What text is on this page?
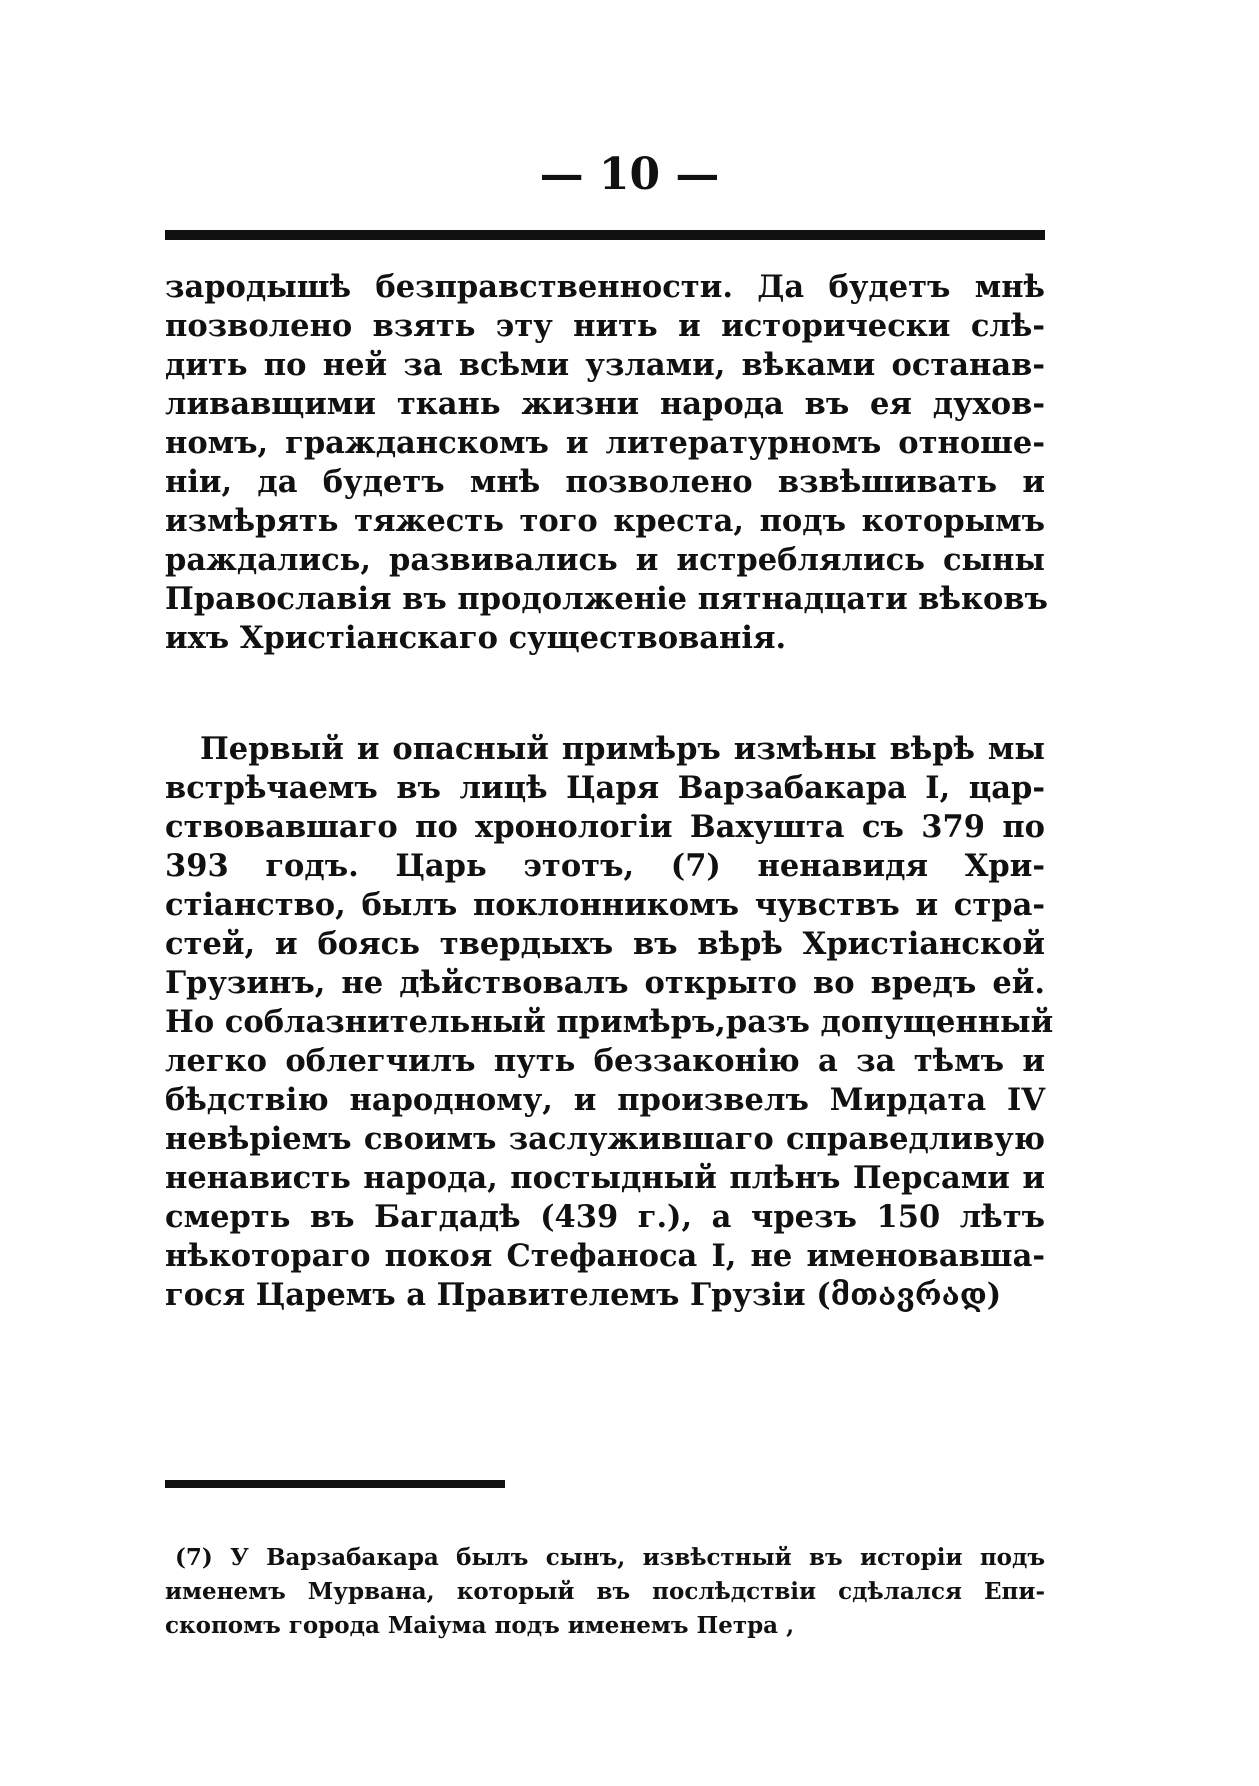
— 10 —
зародышѣ безправственности. Да будетъ мнѣ
позволено взять эту нить и исторически слѣ-
дить по ней за всѣми узлами, вѣками останав-
ливавщими ткань жизни народа въ ея духов-
номъ, гражданскомъ и литературномъ отноше-
ніи, да будетъ мнѣ позволено взвѣшивать и
измѣрять тяжесть того креста, подъ которымъ
раждались, развивались и истреблялись сыны
Православія въ продолженіе пятнадцати вѣковъ
ихъ Христіанскаго существованія.
Первый и опасный примѣръ измѣны вѣрѣ мы
встрѣчаемъ въ лицѣ Царя Варзабакара I, цар-
ствовавшаго по хронологіи Вахушта съ 379 по
393 годъ. Царь этотъ, (7) ненавидя Хри-
стіанство, былъ поклонникомъ чувствъ и стра-
стей, и боясь твердыхъ въ вѣрѣ Христіанской
Грузинъ, не дѣйствовалъ открыто во вредъ ей.
Но соблазнительный примѣръ,разъ допущенный
легко облегчилъ путь беззаконію а за тѣмъ и
бѣдствію народному, и произвелъ Мирдата IV
невѣріемъ своимъ заслужившаго справедливую
ненависть народа, постыдный плѣнъ Персами и
смерть въ Багдадѣ (439 г.), а чрезъ 150 лѣтъ
нѣкотораго покоя Стефаноса I, не именовавша-
гося Царемъ а Правителемъ Грузіи (მთავრად)
(7) У Варзабакара былъ сынъ, извѣстный въ исторіи подъ
именемъ Мурвана, который въ послѣдствіи сдѣлался Епи-
скопомъ города Маіума подъ именемъ Петра ,
